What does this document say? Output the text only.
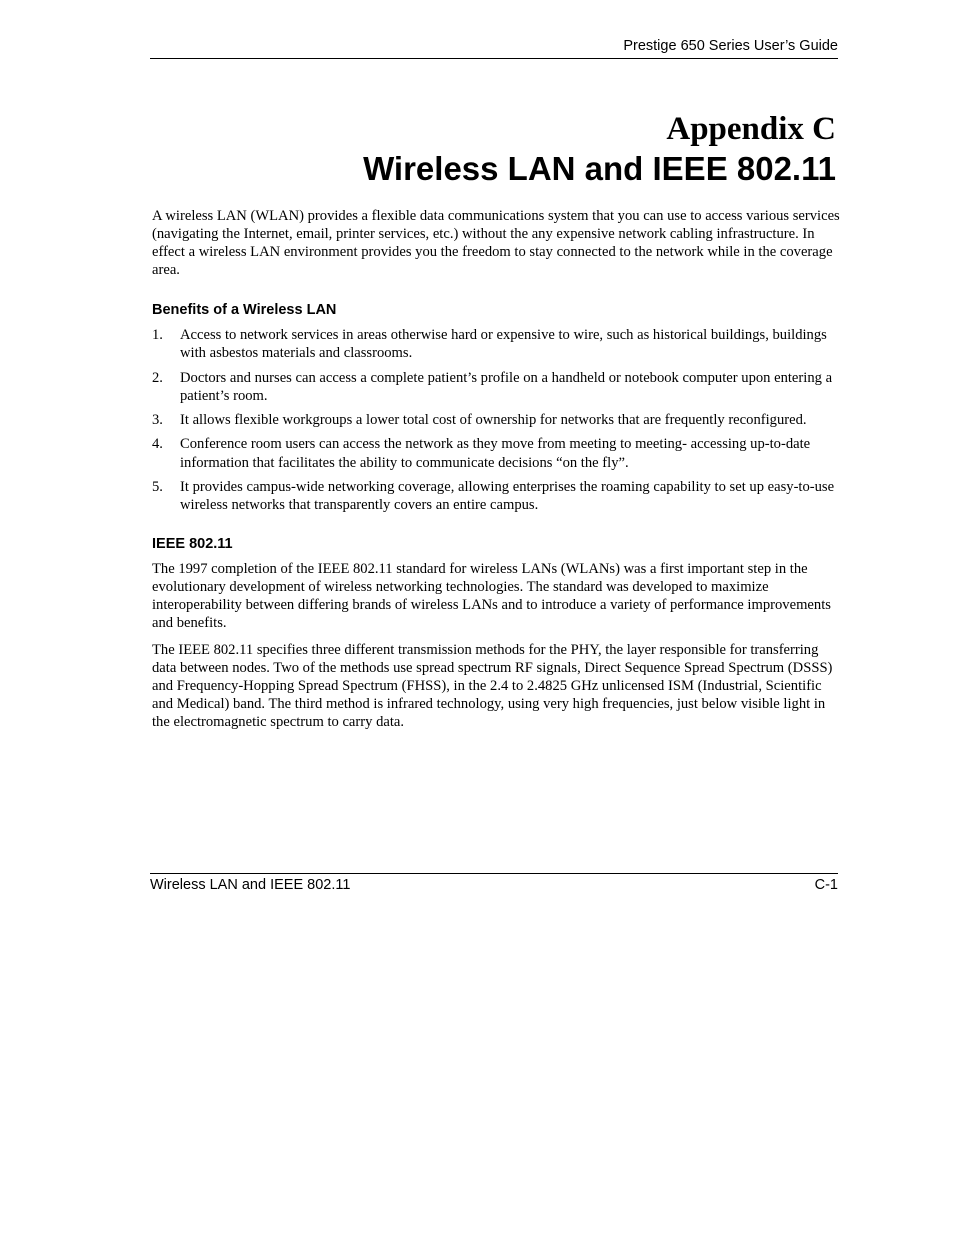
Prestige 650 Series User’s Guide
Appendix C
Wireless LAN and IEEE 802.11

A wireless LAN (WLAN) provides a flexible data communications system that you can use to access various services (navigating the Internet, email, printer services, etc.) without the any expensive network cabling infrastructure. In effect a wireless LAN environment provides you the freedom to stay connected to the network while in the coverage area.

Benefits of a Wireless LAN
1. Access to network services in areas otherwise hard or expensive to wire, such as historical buildings, buildings with asbestos materials and classrooms.
2. Doctors and nurses can access a complete patient’s profile on a handheld or notebook computer upon entering a patient’s room.
3. It allows flexible workgroups a lower total cost of ownership for networks that are frequently reconfigured.
4. Conference room users can access the network as they move from meeting to meeting- accessing up-to-date information that facilitates the ability to communicate decisions “on the fly”.
5. It provides campus-wide networking coverage, allowing enterprises the roaming capability to set up easy-to-use wireless networks that transparently covers an entire campus.
IEEE 802.11

The 1997 completion of the IEEE 802.11 standard for wireless LANs (WLANs) was a first important step in the evolutionary development of wireless networking technologies. The standard was developed to maximize interoperability between differing brands of wireless LANs and to introduce a variety of performance improvements and benefits.

The IEEE 802.11 specifies three different transmission methods for the PHY, the layer responsible for transferring data between nodes. Two of the methods use spread spectrum RF signals, Direct Sequence Spread Spectrum (DSSS) and Frequency-Hopping Spread Spectrum (FHSS), in the 2.4 to 2.4825 GHz unlicensed ISM (Industrial, Scientific and Medical) band. The third method is infrared technology, using very high frequencies, just below visible light in the electromagnetic spectrum to carry data.

Wireless LAN and IEEE 802.11	C-1
